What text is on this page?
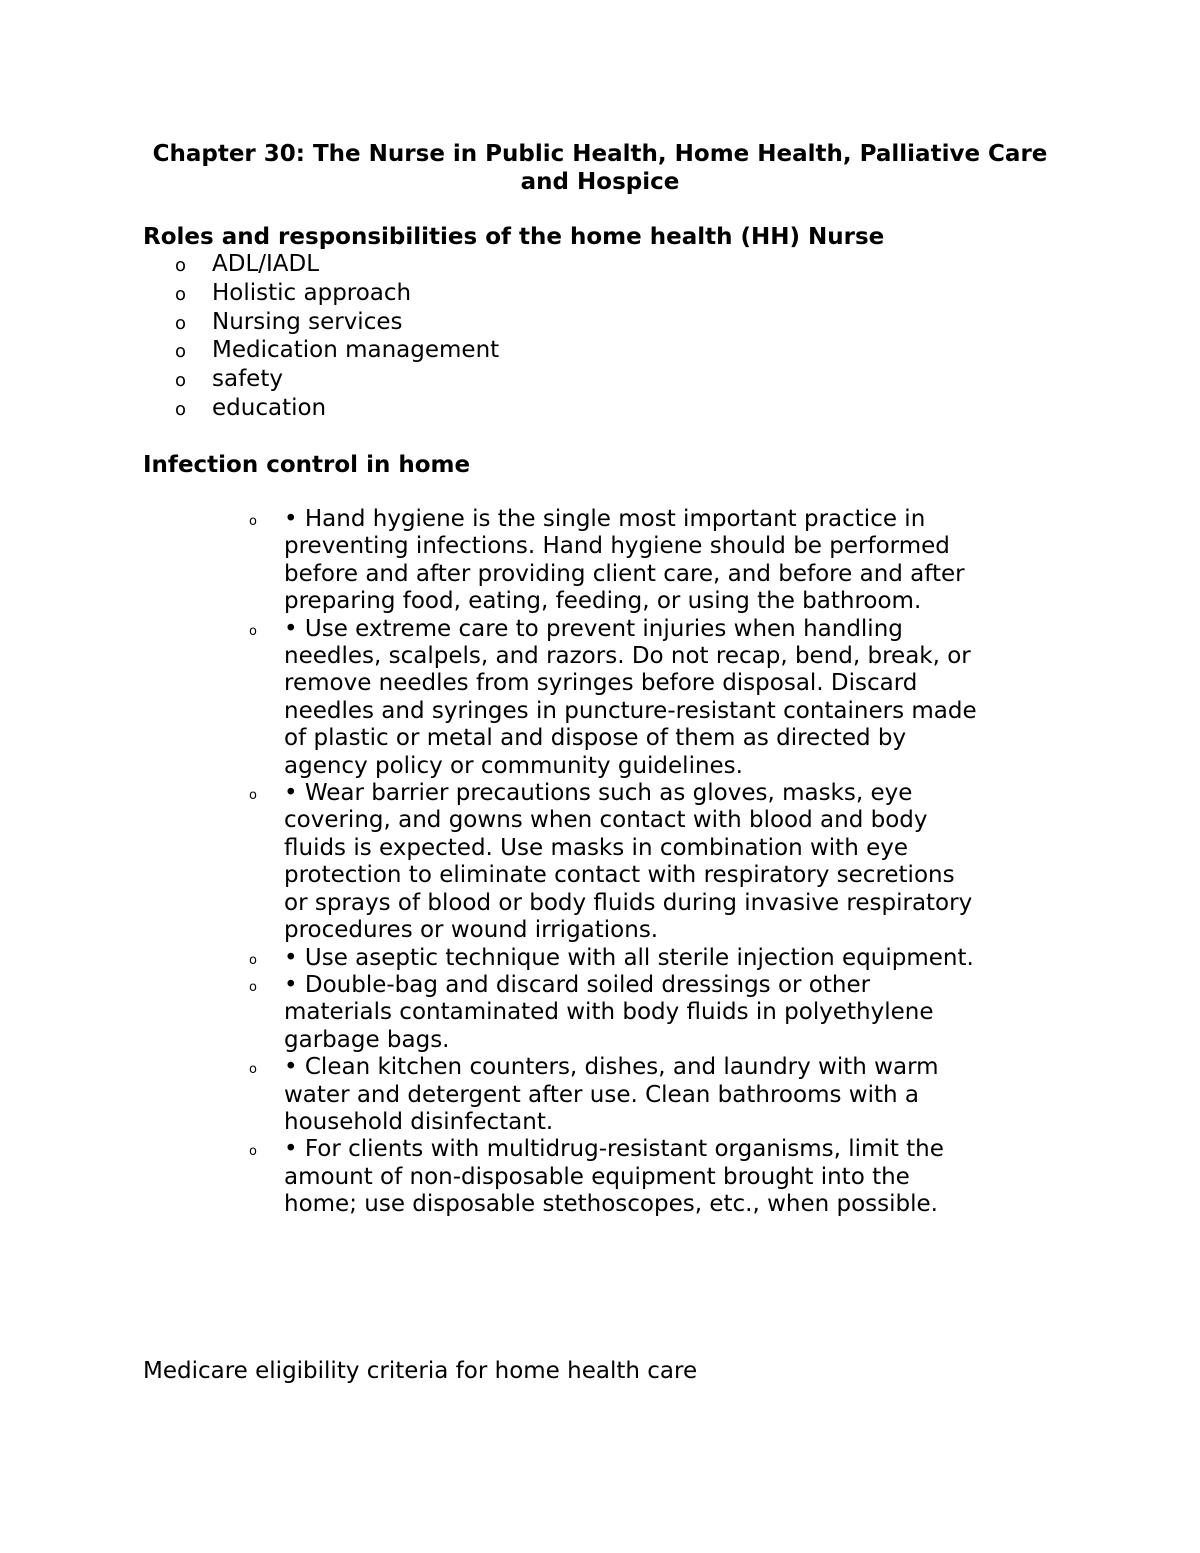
Chapter 30: The Nurse in Public Health, Home Health, Palliative Care and Hospice
Roles and responsibilities of the home health (HH) Nurse
o ADL/IADL
o Holistic approach
o Nursing services
o Medication management
o safety
o education
Infection control in home
o • Hand hygiene is the single most important practice in preventing infections. Hand hygiene should be performed before and after providing client care, and before and after preparing food, eating, feeding, or using the bathroom.
o • Use extreme care to prevent injuries when handling needles, scalpels, and razors. Do not recap, bend, break, or remove needles from syringes before disposal. Discard needles and syringes in puncture-resistant containers made of plastic or metal and dispose of them as directed by agency policy or community guidelines.
o • Wear barrier precautions such as gloves, masks, eye covering, and gowns when contact with blood and body fluids is expected. Use masks in combination with eye protection to eliminate contact with respiratory secretions or sprays of blood or body fluids during invasive respiratory procedures or wound irrigations.
o • Use aseptic technique with all sterile injection equipment.
o • Double-bag and discard soiled dressings or other materials contaminated with body fluids in polyethylene garbage bags.
o • Clean kitchen counters, dishes, and laundry with warm water and detergent after use. Clean bathrooms with a household disinfectant.
o • For clients with multidrug-resistant organisms, limit the amount of non-disposable equipment brought into the home; use disposable stethoscopes, etc., when possible.
Medicare eligibility criteria for home health care
